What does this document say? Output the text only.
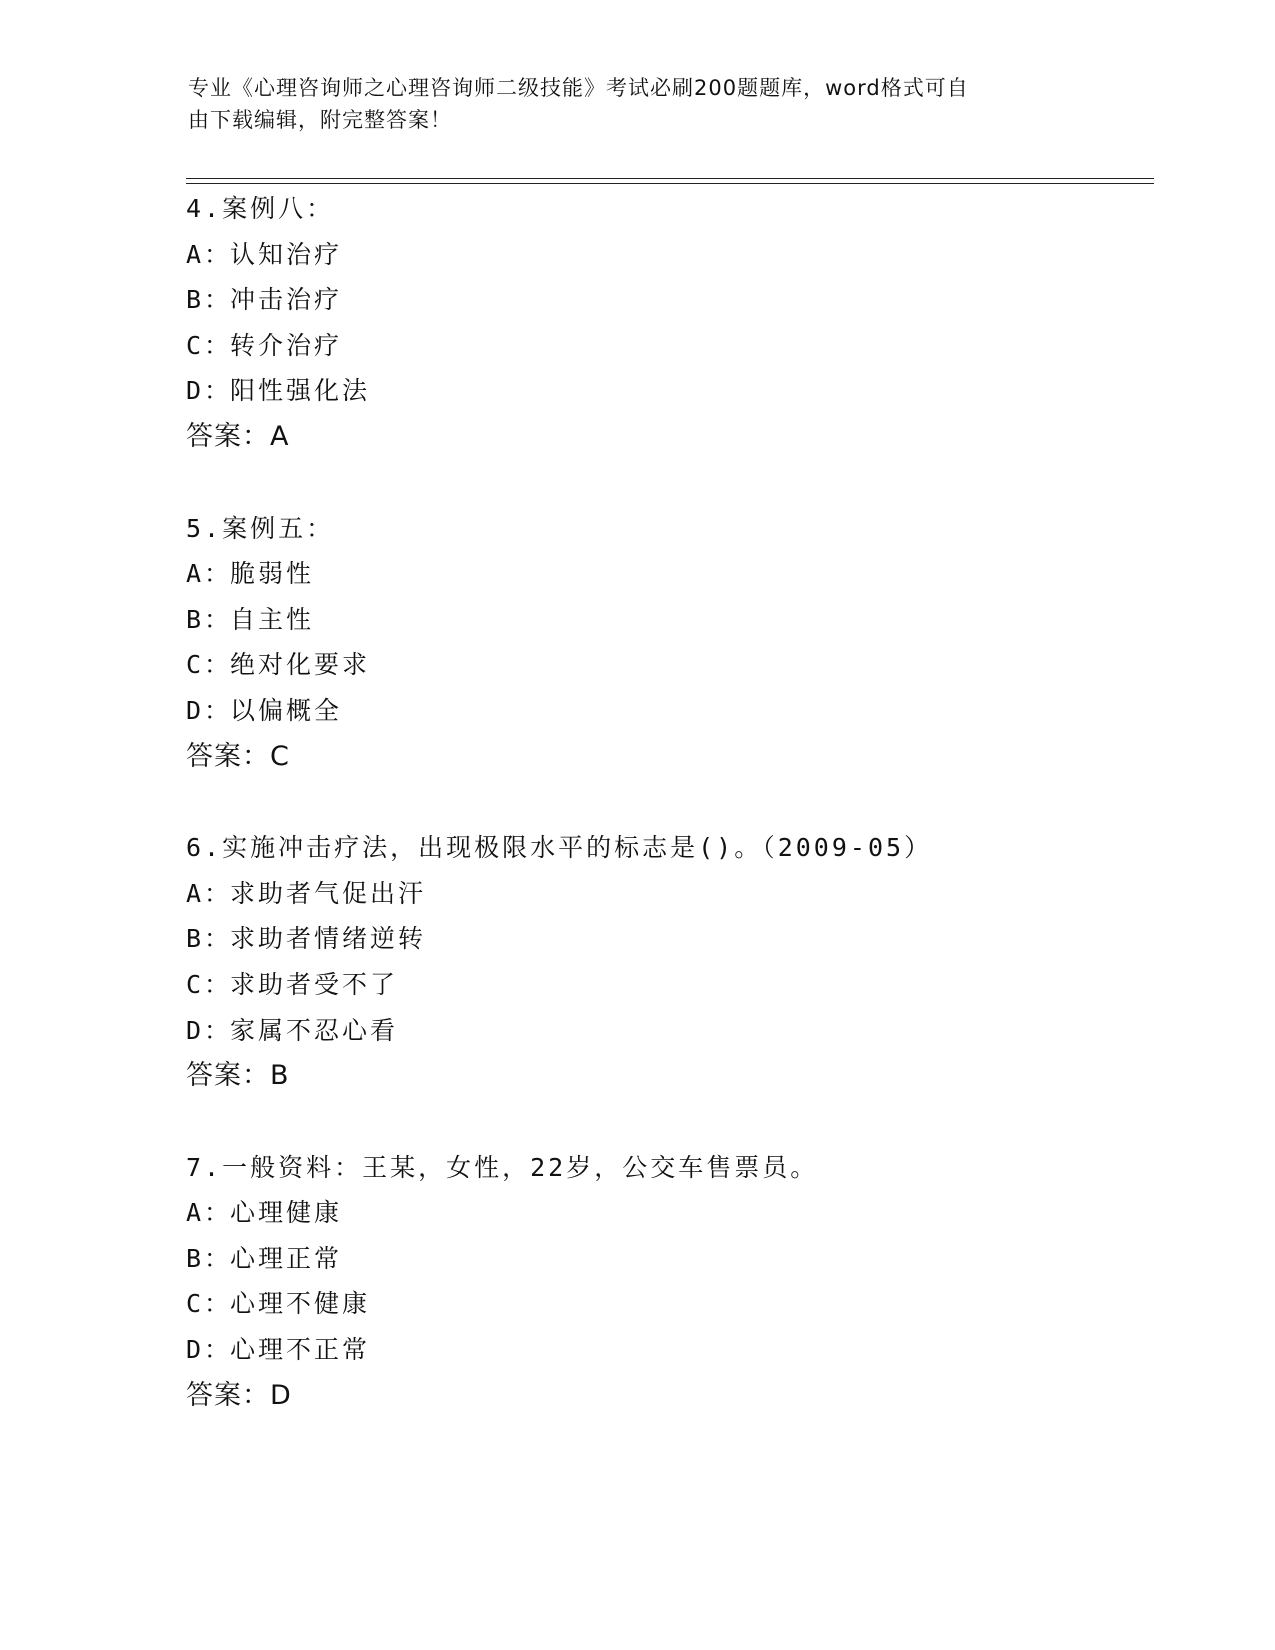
专业《心理咨询师之心理咨询师二级技能》考试必刷200题题库，word格式可自
由下载编辑，附完整答案！
4.案例八：
A：认知治疗
B：冲击治疗
C：转介治疗
D：阳性强化法
答案：A
5.案例五：
A：脆弱性
B：自主性
C：绝对化要求
D：以偏概全
答案：C
6.实施冲击疗法，出现极限水平的标志是()。（2009-05）
A：求助者气促出汗
B：求助者情绪逆转
C：求助者受不了
D：家属不忍心看
答案：B
7.一般资料：王某，女性，22岁，公交车售票员。
A：心理健康
B：心理正常
C：心理不健康
D：心理不正常
答案：D
